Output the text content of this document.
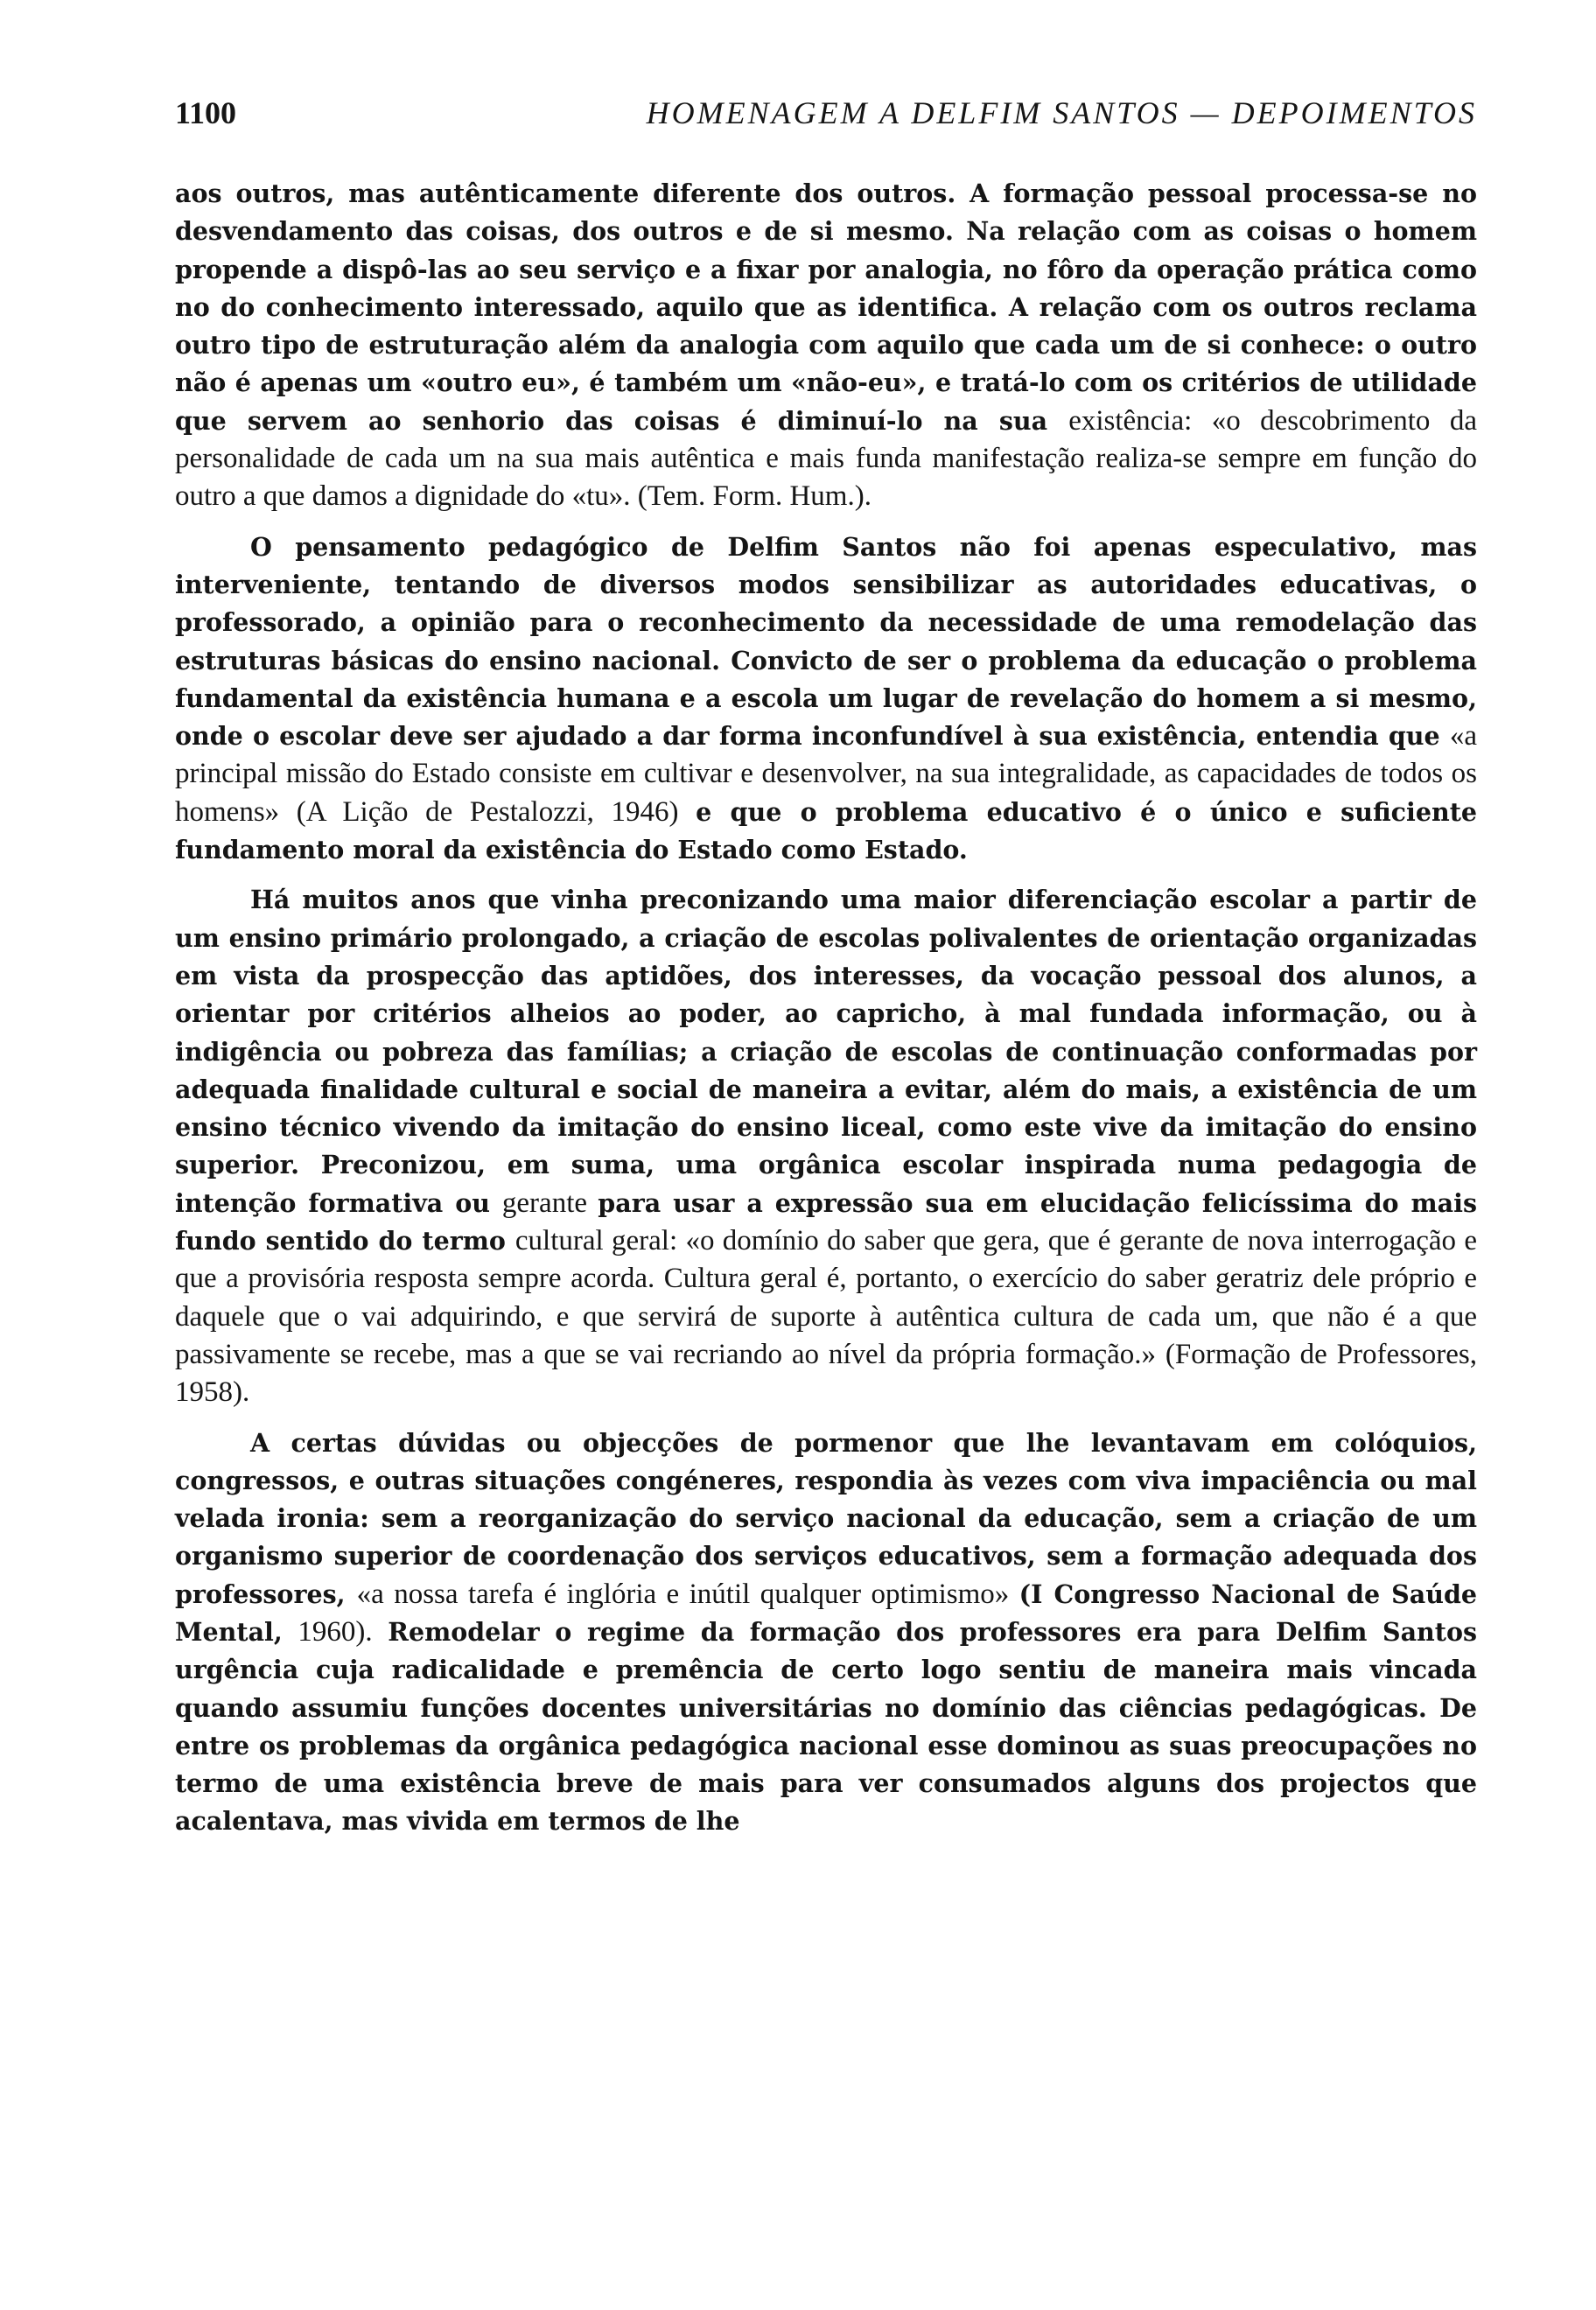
1100	HOMENAGEM A DELFIM SANTOS — DEPOIMENTOS

aos outros, mas autênticamente diferente dos outros. A formação pessoal processa-se no desvendamento das coisas, dos outros e de si mesmo. Na relação com as coisas o homem propende a dispô-las ao seu serviço e a fixar por analogia, no fôro da operação prática como no do conhecimento interessado, aquilo que as identifica. A relação com os outros reclama outro tipo de estruturação além da analogia com aquilo que cada um de si conhece: o outro não é apenas um «outro eu», é também um «não-eu», e tratá-lo com os critérios de utilidade que servem ao senhorio das coisas é diminuí-lo na sua existência: «o descobrimento da personalidade de cada um na sua mais autêntica e mais funda manifestação realiza-se sempre em função do outro a que damos a dignidade do «tu». (Tem. Form. Hum.).

O pensamento pedagógico de Delfim Santos não foi apenas especulativo, mas interveniente, tentando de diversos modos sensibilizar as autoridades educativas, o professorado, a opinião para o reconhecimento da necessidade de uma remodelação das estruturas básicas do ensino nacional. Convicto de ser o problema da educação o problema fundamental da existência humana e a escola um lugar de revelação do homem a si mesmo, onde o escolar deve ser ajudado a dar forma inconfundível à sua existência, entendia que «a principal missão do Estado consiste em cultivar e desenvolver, na sua integralidade, as capacidades de todos os homens» (A Lição de Pestalozzi, 1946) e que o problema educativo é o único e suficiente fundamento moral da existência do Estado como Estado.

Há muitos anos que vinha preconizando uma maior diferenciação escolar a partir de um ensino primário prolongado, a criação de escolas polivalentes de orientação organizadas em vista da prospecção das aptidões, dos interesses, da vocação pessoal dos alunos, a orientar por critérios alheios ao poder, ao capricho, à mal fundada informação, ou à indigência ou pobreza das famílias; a criação de escolas de continuação conformadas por adequada finalidade cultural e social de maneira a evitar, além do mais, a existência de um ensino técnico vivendo da imitação do ensino liceal, como este vive da imitação do ensino superior. Preconizou, em suma, uma orgânica escolar inspirada numa pedagogia de intenção formativa ou gerante para usar a expressão sua em elucidação felicíssima do mais fundo sentido do termo cultural geral: «o domínio do saber que gera, que é gerante de nova interrogação e que a provisória resposta sempre acorda. Cultura geral é, portanto, o exercício do saber geratriz dele próprio e daquele que o vai adquirindo, e que servirá de suporte à autêntica cultura de cada um, que não é a que passivamente se recebe, mas a que se vai recriando ao nível da própria formação.» (Formação de Professores, 1958).

A certas dúvidas ou objecções de pormenor que lhe levantavam em colóquios, congressos, e outras situações congéneres, respondia às vezes com viva impaciência ou mal velada ironia: sem a reorganização do serviço nacional da educação, sem a criação de um organismo superior de coordenação dos serviços educativos, sem a formação adequada dos professores, «a nossa tarefa é inglória e inútil qualquer optimismo» (I Congresso Nacional de Saúde Mental, 1960). Remodelar o regime da formação dos professores era para Delfim Santos urgência cuja radicalidade e premência de certo logo sentiu de maneira mais vincada quando assumiu funções docentes universitárias no domínio das ciências pedagógicas. De entre os problemas da orgânica pedagógica nacional esse dominou as suas preocupações no termo de uma existência breve de mais para ver consumados alguns dos projectos que acalentava, mas vivida em termos de lhe
